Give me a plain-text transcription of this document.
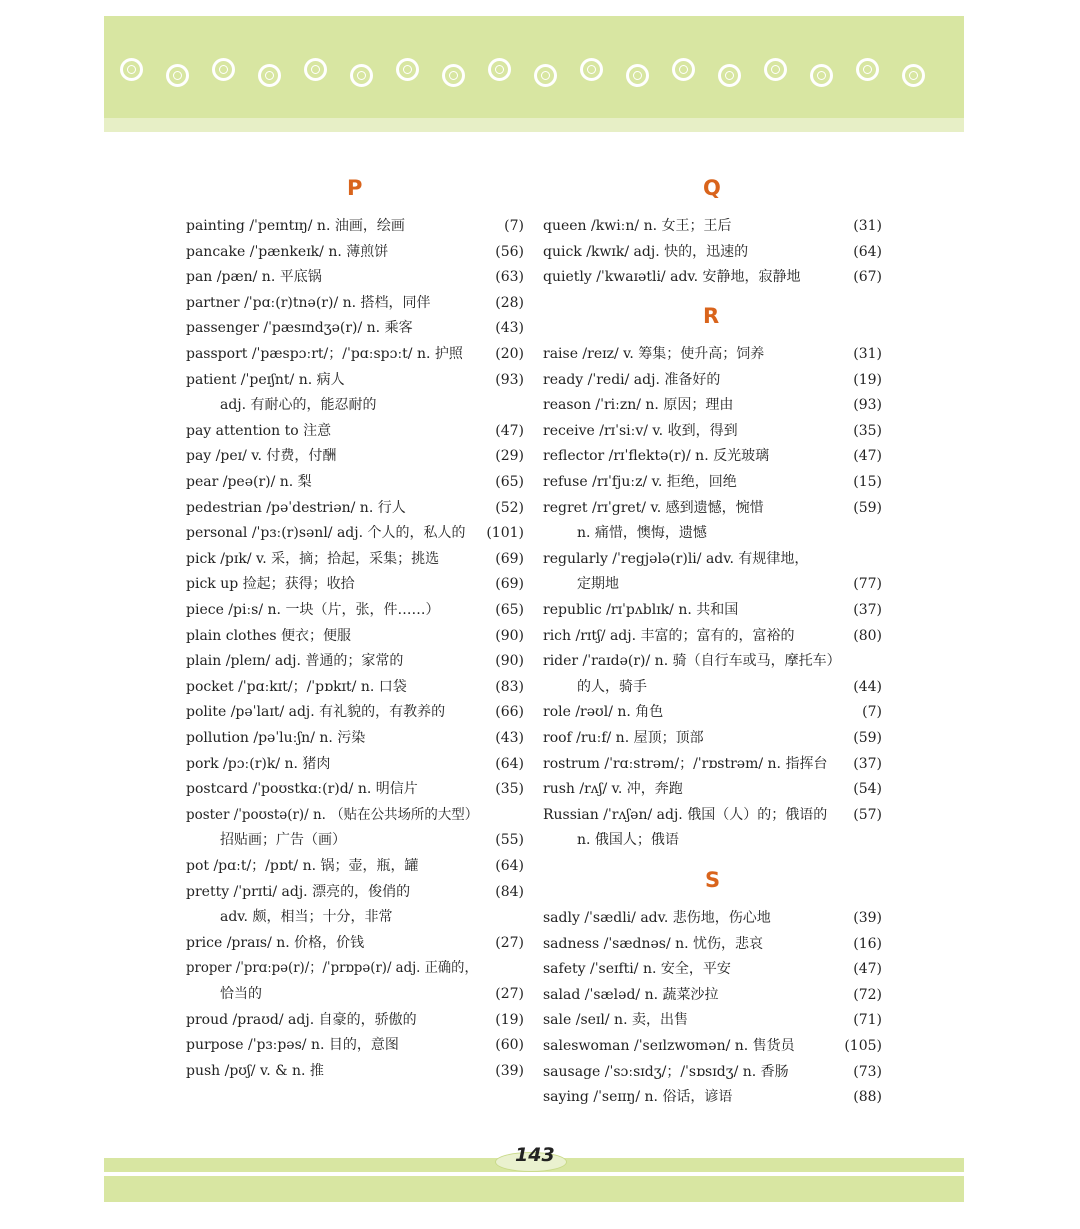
P	Q
R
S
painting /ˈpeɪntɪŋ/ n. 油画，绘画	(7)
pancake /ˈpænkeɪk/ n. 薄煎饼	(56)
pan /pæn/ n. 平底锅	(63)
partner /ˈpɑː(r)tnə(r)/ n. 搭档，同伴	(28)
passenger /ˈpæsɪndʒə(r)/ n. 乘客	(43)
passport /ˈpæspɔːrt/；/ˈpɑːspɔːt/ n. 护照	(20)
patient /ˈpeɪʃnt/ n. 病人	(93)
adj. 有耐心的，能忍耐的
pay attention to 注意	(47)
pay /peɪ/ v. 付费，付酬	(29)
pear /peə(r)/ n. 梨	(65)
pedestrian /pəˈdestriən/ n. 行人	(52)
personal /ˈpɜː(r)sənl/ adj. 个人的，私人的	(101)
pick /pɪk/ v. 采，摘；拾起，采集；挑选	(69)
pick up 捡起；获得；收拾	(69)
piece /piːs/ n. 一块（片，张，件……）	(65)
plain clothes 便衣；便服	(90)
plain /pleɪn/ adj. 普通的；家常的	(90)
pocket /ˈpɑːkɪt/；/ˈpɒkɪt/ n. 口袋	(83)
polite /pəˈlaɪt/ adj. 有礼貌的，有教养的	(66)
pollution /pəˈluːʃn/ n. 污染	(43)
pork /pɔː(r)k/ n. 猪肉	(64)
postcard /ˈpoʊstkɑː(r)d/ n. 明信片	(35)
poster /ˈpoʊstə(r)/ n. （贴在公共场所的大型）
招贴画；广告（画）	(55)
pot /pɑːt/；/pɒt/ n. 锅；壶，瓶，罐	(64)
pretty /ˈprɪti/ adj. 漂亮的，俊俏的	(84)
adv. 颇，相当；十分，非常
price /praɪs/ n. 价格，价钱	(27)
proper /ˈprɑːpə(r)/；/ˈprɒpə(r)/ adj. 正确的，
恰当的	(27)
proud /praʊd/ adj. 自豪的，骄傲的	(19)
purpose /ˈpɜːpəs/ n. 目的，意图	(60)
push /pʊʃ/ v. & n. 推	(39)
queen /kwiːn/ n. 女王；王后	(31)
quick /kwɪk/ adj. 快的，迅速的	(64)
quietly /ˈkwaɪətli/ adv. 安静地，寂静地	(67)
raise /reɪz/ v. 筹集；使升高；饲养	(31)
ready /ˈredi/ adj. 准备好的	(19)
reason /ˈriːzn/ n. 原因；理由	(93)
receive /rɪˈsiːv/ v. 收到，得到	(35)
reflector /rɪˈflektə(r)/ n. 反光玻璃	(47)
refuse /rɪˈfjuːz/ v. 拒绝，回绝	(15)
regret /rɪˈgret/ v. 感到遗憾，惋惜	(59)
n. 痛惜，懊悔，遗憾
regularly /ˈregjələ(r)li/ adv. 有规律地，
定期地	(77)
republic /rɪˈpʌblɪk/ n. 共和国	(37)
rich /rɪtʃ/ adj. 丰富的；富有的，富裕的	(80)
rider /ˈraɪdə(r)/ n. 骑（自行车或马，摩托车）
的人，骑手	(44)
role /rəʊl/ n. 角色	(7)
roof /ruːf/ n. 屋顶；顶部	(59)
rostrum /ˈrɑːstrəm/；/ˈrɒstrəm/ n. 指挥台	(37)
rush /rʌʃ/ v. 冲，奔跑	(54)
Russian /ˈrʌʃən/ adj. 俄国（人）的；俄语的	(57)
n. 俄国人；俄语
sadly /ˈsædli/ adv. 悲伤地，伤心地	(39)
sadness /ˈsædnəs/ n. 忧伤，悲哀	(16)
safety /ˈseɪfti/ n. 安全，平安	(47)
salad /ˈsæləd/ n. 蔬菜沙拉	(72)
sale /seɪl/ n. 卖，出售	(71)
saleswoman /ˈseɪlzwʊmən/ n. 售货员	(105)
sausage /ˈsɔːsɪdʒ/；/ˈsɒsɪdʒ/ n. 香肠	(73)
saying /ˈseɪɪŋ/ n. 俗话，谚语	(88)
143
